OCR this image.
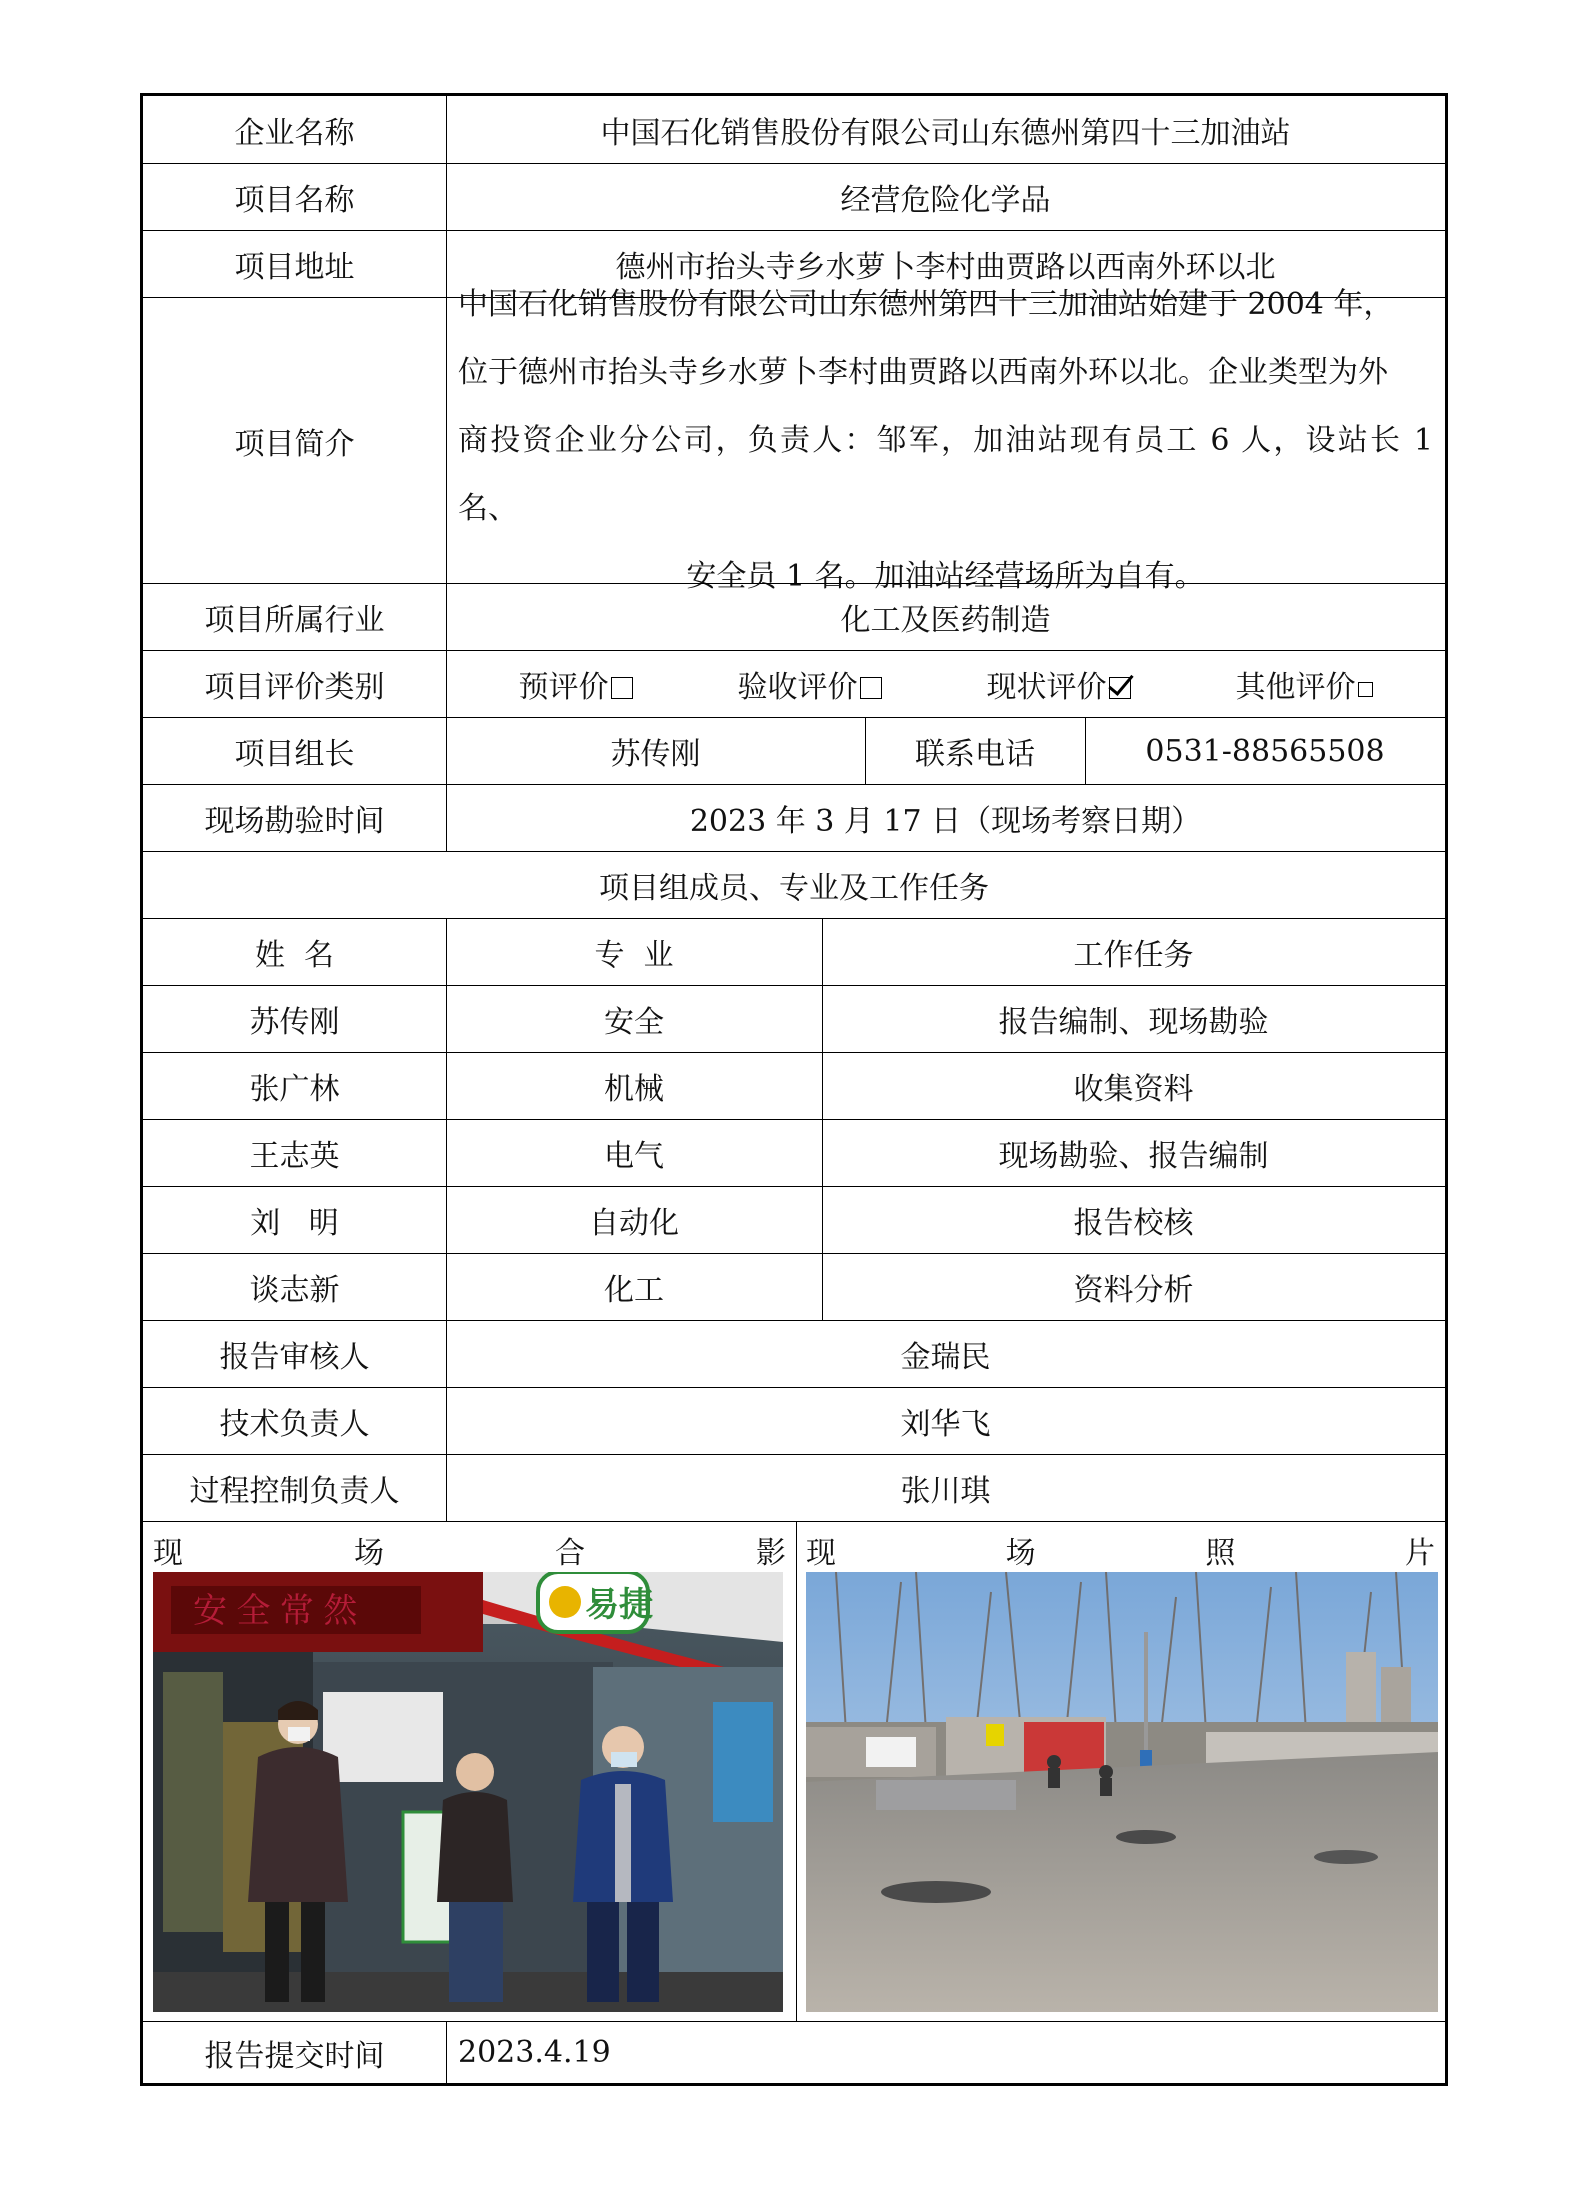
企业名称	中国石化销售股份有限公司山东德州第四十三加油站
项目名称	经营危险化学品
项目地址	德州市抬头寺乡水萝卜李村曲贾路以西南外环以北
项目简介
中国石化销售股份有限公司山东德州第四十三加油站始建于 2004 年，
位于德州市抬头寺乡水萝卜李村曲贾路以西南外环以北。企业类型为外
商投资企业分公司，负责人：邹军，加油站现有员工 6 人，设站长 1 名、
安全员 1 名。加油站经营场所为自有。
项目所属行业	化工及医药制造
项目评价类别	预评价	验收评价	现状评价	其他评价
项目组长	苏传刚	联系电话	0531-88565508
现场勘验时间	2023 年 3 月 17 日（现场考察日期）
项目组成员、专业及工作任务
姓  名	专  业	工作任务
苏传刚	安全	报告编制、现场勘验
张广林	机械	收集资料
王志英	电气	现场勘验、报告编制
刘   明	自动化	报告校核
谈志新	化工	资料分析
报告审核人	金瑞民
技术负责人	刘华飞
过程控制负责人	张川琪
现	场	合	影
安 全 常 然	易捷
现	场	照	片
报告提交时间	2023.4.19
